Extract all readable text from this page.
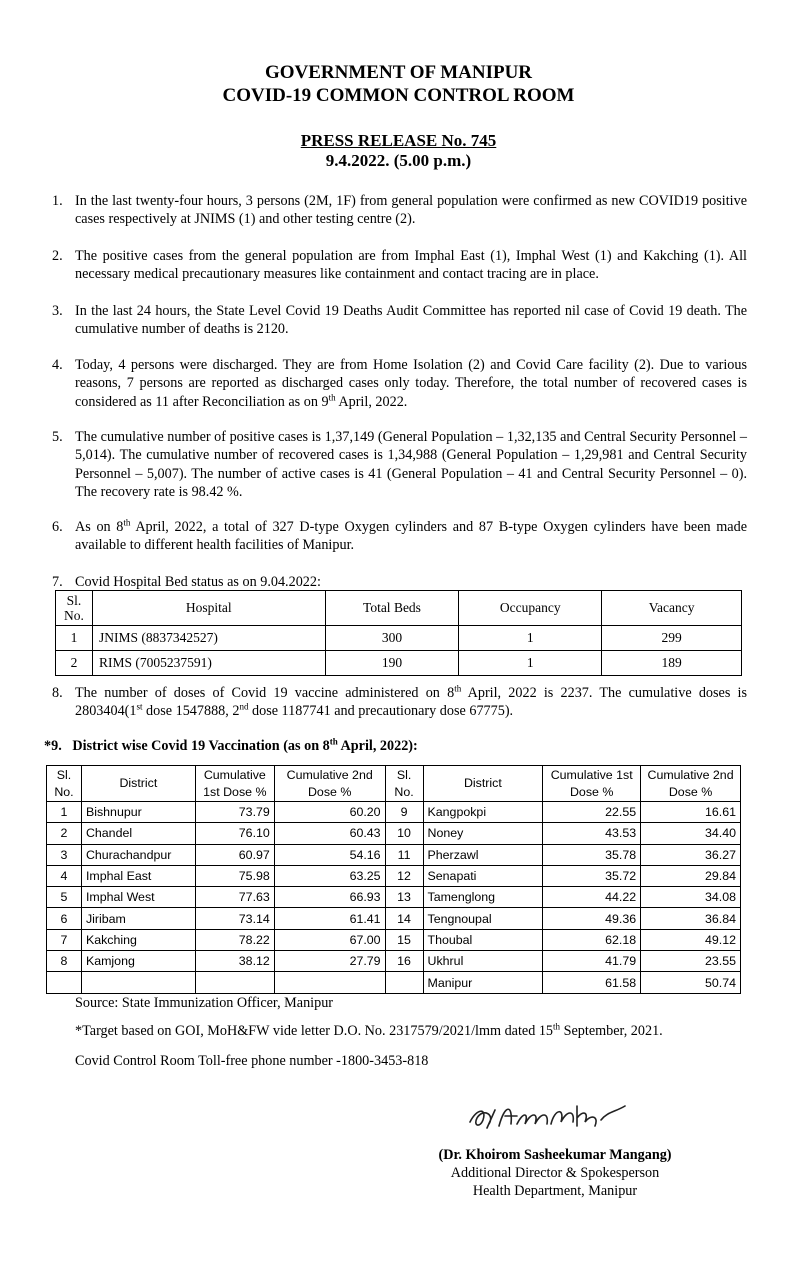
GOVERNMENT OF MANIPUR
COVID-19 COMMON CONTROL ROOM
PRESS RELEASE No. 745
9.4.2022. (5.00 p.m.)
1. In the last twenty-four hours, 3 persons (2M, 1F) from general population were confirmed as new COVID19 positive cases respectively at JNIMS (1) and other testing centre (2).
2. The positive cases from the general population are from Imphal East (1), Imphal West (1) and Kakching (1). All necessary medical precautionary measures like containment and contact tracing are in place.
3. In the last 24 hours, the State Level Covid 19 Deaths Audit Committee has reported nil case of Covid 19 death. The cumulative number of deaths is 2120.
4. Today, 4 persons were discharged. They are from Home Isolation (2) and Covid Care facility (2). Due to various reasons, 7 persons are reported as discharged cases only today. Therefore, the total number of recovered cases is considered as 11 after Reconciliation as on 9th April, 2022.
5. The cumulative number of positive cases is 1,37,149 (General Population – 1,32,135 and Central Security Personnel – 5,014). The cumulative number of recovered cases is 1,34,988 (General Population – 1,29,981 and Central Security Personnel – 5,007). The number of active cases is 41 (General Population – 41 and Central Security Personnel – 0). The recovery rate is 98.42 %.
6. As on 8th April, 2022, a total of 327 D-type Oxygen cylinders and 87 B-type Oxygen cylinders have been made available to different health facilities of Manipur.
7. Covid Hospital Bed status as on 9.04.2022:
Sl. No.	Hospital	Total Beds	Occupancy	Vacancy
1	JNIMS (8837342527)	300	1	299
2	RIMS (7005237591)	190	1	189
8. The number of doses of Covid 19 vaccine administered on 8th April, 2022 is 2237. The cumulative doses is 2803404(1st dose 1547888, 2nd dose 1187741 and precautionary dose 67775).
*9.   District wise Covid 19 Vaccination (as on 8th April, 2022):
Sl. No.	District	Cumulative 1st Dose %	Cumulative 2nd Dose %	Sl. No.	District	Cumulative 1st Dose %	Cumulative 2nd Dose %
1	Bishnupur	73.79	60.20	9	Kangpokpi	22.55	16.61
2	Chandel	76.10	60.43	10	Noney	43.53	34.40
3	Churachandpur	60.97	54.16	11	Pherzawl	35.78	36.27
4	Imphal East	75.98	63.25	12	Senapati	35.72	29.84
5	Imphal West	77.63	66.93	13	Tamenglong	44.22	34.08
6	Jiribam	73.14	61.41	14	Tengnoupal	49.36	36.84
7	Kakching	78.22	67.00	15	Thoubal	62.18	49.12
8	Kamjong	38.12	27.79	16	Ukhrul	41.79	23.55
					Manipur	61.58	50.74
Source: State Immunization Officer, Manipur
*Target based on GOI, MoH&FW vide letter D.O. No. 2317579/2021/lmm dated 15th September, 2021.
Covid Control Room Toll-free phone number -1800-3453-818
(Dr. Khoirom Sasheekumar Mangang)
Additional Director & Spokesperson
Health Department, Manipur
